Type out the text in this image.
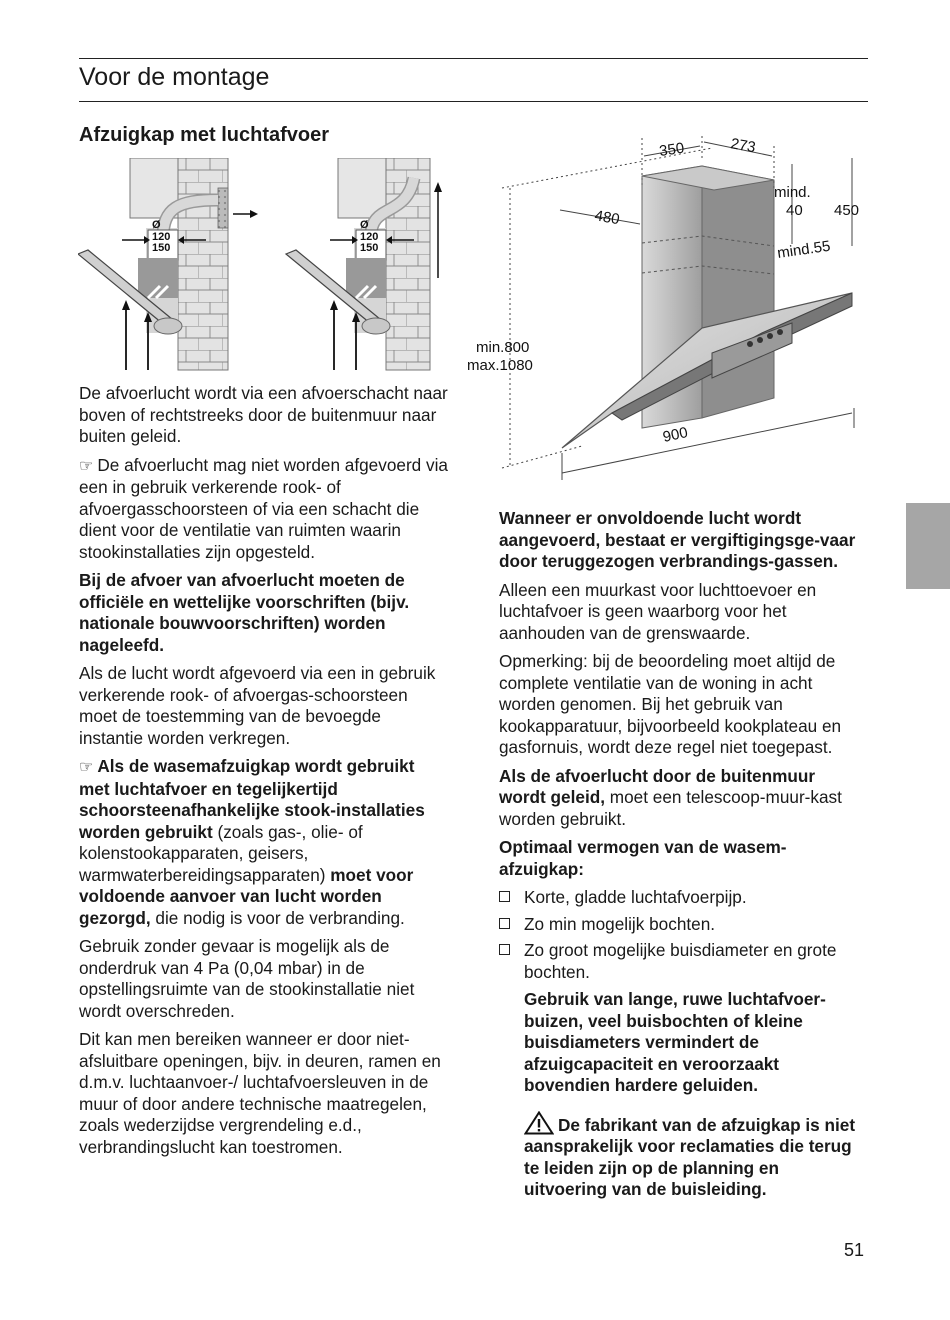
Voor de montage
Afzuigkap met luchtafvoer
Ø
120
150
Ø
120
150
350	273
480
mind.
40 450
mind.55
min.800
max.1080
900

De afvoerlucht wordt via een afvoerschacht naar boven of rechtstreeks door de buitenmuur naar buiten geleid.

☞ De afvoerlucht mag niet worden afgevoerd via een in gebruik verkerende rook- of afvoergasschoorsteen of via een schacht die dient voor de ventilatie van ruimten waarin stookinstallaties zijn opgesteld.

Bij de afvoer van afvoerlucht moeten de officiële en wettelijke voorschriften (bijv. nationale bouwvoorschriften) worden nageleefd.

Als de lucht wordt afgevoerd via een in gebruik verkerende rook- of afvoergas-schoorsteen moet de toestemming van de bevoegde instantie worden verkregen.

☞ Als de wasemafzuigkap wordt gebruikt met luchtafvoer en tegelijkertijd schoorsteenafhankelijke stook-installaties worden gebruikt (zoals gas-, olie- of kolenstookapparaten, geisers, warmwaterbereidingsapparaten) moet voor voldoende aanvoer van lucht worden gezorgd, die nodig is voor de verbranding.

Gebruik zonder gevaar is mogelijk als de onderdruk van 4 Pa (0,04 mbar) in de opstellingsruimte van de stookinstallatie niet wordt overschreden.

Dit kan men bereiken wanneer er door niet-afsluitbare openingen, bijv. in deuren, ramen en d.m.v. luchtaanvoer-/ luchtafvoersleuven in de muur of door andere technische maatregelen, zoals wederzijdse vergrendeling e.d., verbrandingslucht kan toestromen.

Wanneer er onvoldoende lucht wordt aangevoerd, bestaat er vergiftigingsge-vaar door teruggezogen verbrandings-gassen.

Alleen een muurkast voor luchttoevoer en luchtafvoer is geen waarborg voor het aanhouden van de grenswaarde.

Opmerking: bij de beoordeling moet altijd de complete ventilatie van de woning in acht worden genomen. Bij het gebruik van kookapparatuur, bijvoorbeeld kookplateau en gasfornuis, wordt deze regel niet toegepast.

Als de afvoerlucht door de buitenmuur wordt geleid, moet een telescoop-muur-kast worden gebruikt.

Optimaal vermogen van de wasem-afzuigkap:

Korte, gladde luchtafvoerpijp.
Zo min mogelijk bochten.
Zo groot mogelijke buisdiameter en grote bochten.

Gebruik van lange, ruwe luchtafvoer-buizen, veel buisbochten of kleine buisdiameters vermindert de afzuigcapaciteit en veroorzaakt bovendien hardere geluiden.

De fabrikant van de afzuigkap is niet aansprakelijk voor reclamaties die terug te leiden zijn op de planning en uitvoering van de buisleiding.

51
